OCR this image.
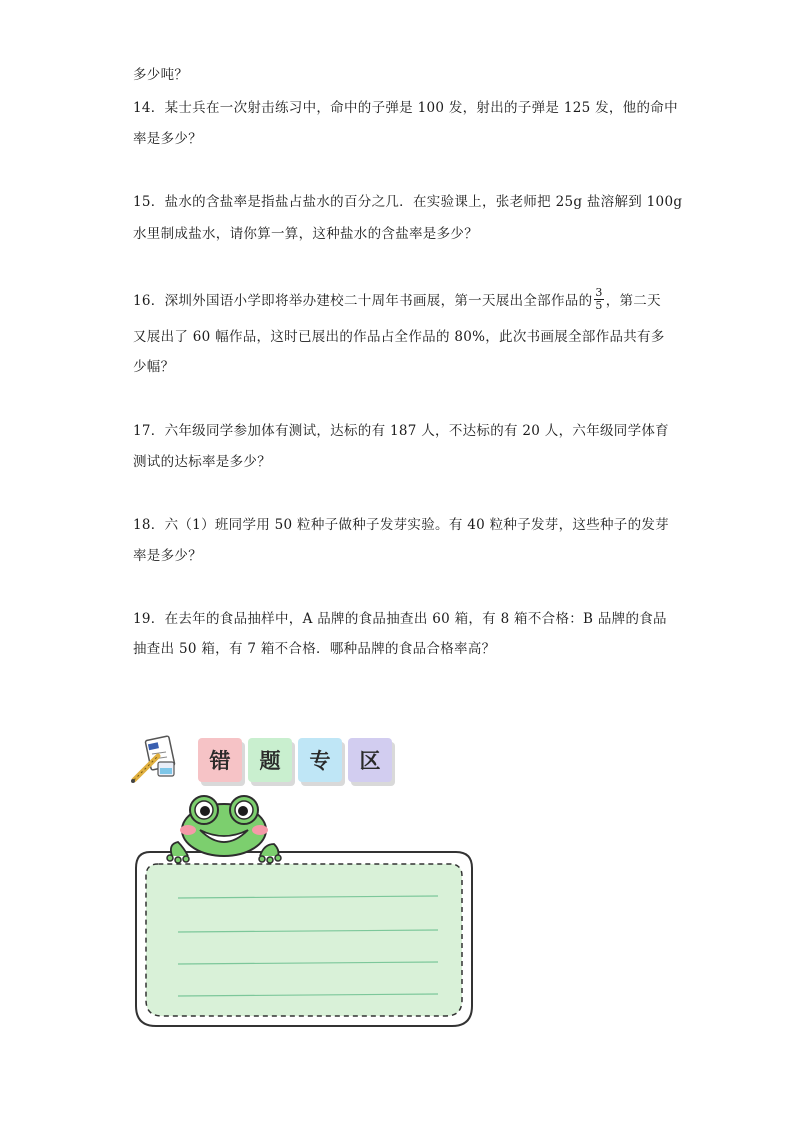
多少吨？
14．某士兵在一次射击练习中，命中的子弹是 100 发，射出的子弹是 125 发，他的命中
率是多少？
15．盐水的含盐率是指盐占盐水的百分之几．在实验课上，张老师把 25g 盐溶解到 100g
水里制成盐水，请你算一算，这种盐水的含盐率是多少？
16．深圳外国语小学即将举办建校二十周年书画展，第一天展出全部作品的 $\frac{3}{5}$ ，第二天
又展出了 60 幅作品，这时已展出的作品占全作品的 80%，此次书画展全部作品共有多
少幅？
17．六年级同学参加体有测试，达标的有 187 人，不达标的有 20 人，六年级同学体育
测试的达标率是多少？
18．六（1）班同学用 50 粒种子做种子发芽实验。有 40 粒种子发芽，这些种子的发芽
率是多少？
19．在去年的食品抽样中，A 品牌的食品抽查出 60 箱，有 8 箱不合格：B 品牌的食品
抽查出 50 箱，有 7 箱不合格．哪种品牌的食品合格率高？
错	题	专	区
